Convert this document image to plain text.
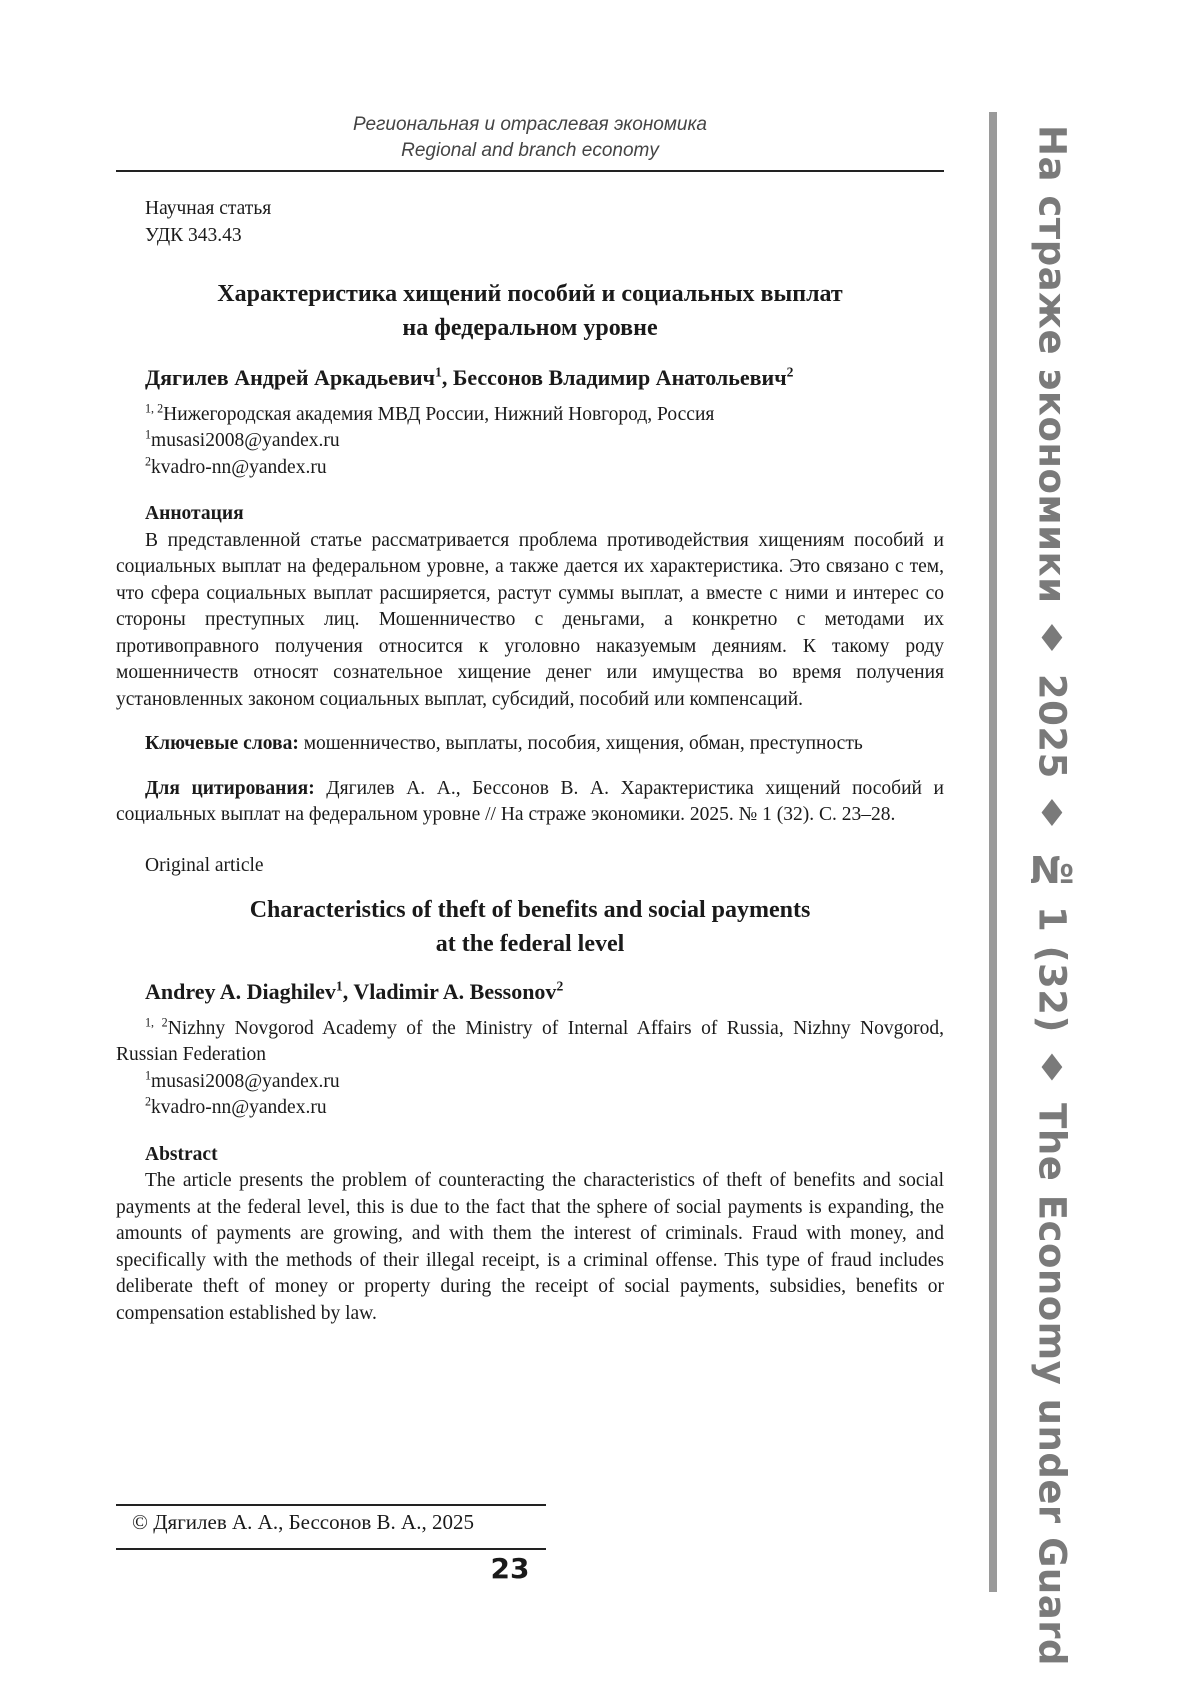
Региональная и отраслевая экономика
Regional and branch economy	На страже экономики ♦ 2025 ♦ № 1 (32) ♦ The Economy under Guard
Научная статья
УДК 343.43

Характеристика хищений пособий и социальных выплат
на федеральном уровне

Дягилев Андрей Аркадьевич$^1$, Бессонов Владимир Анатольевич$^2$

$^{1, 2}$Нижегородская академия МВД России, Нижний Новгород, Россия
$^1$musasi2008@yandex.ru
$^2$kvadro-nn@yandex.ru
Аннотация

В представленной статье рассматривается проблема противодействия хищениям пособий и социальных выплат на федеральном уровне, а также дается их характеристика. Это связано с тем, что сфера социальных выплат расширяется, растут суммы выплат, а вместе с ними и интерес со стороны преступных лиц. Мошенничество с деньгами, а конкретно с методами их противоправного получения относится к уголовно наказуемым деяниям. К такому роду мошенничеств относят сознательное хищение денег или имущества во время получения установленных законом социальных выплат, субсидий, пособий или компенсаций.

Ключевые слова: мошенничество, выплаты, пособия, хищения, обман, преступность

Для цитирования: Дягилев А. А., Бессонов В. А. Характеристика хищений пособий и социальных выплат на федеральном уровне // На страже экономики. 2025. № 1 (32). С. 23–28.

Original article

Characteristics of theft of benefits and social payments
at the federal level

Andrey A. Diaghilev$^1$, Vladimir A. Bessonov$^2$

$^{1, 2}$Nizhny Novgorod Academy of the Ministry of Internal Affairs of Russia, Nizhny Novgorod, Russian Federation
$^1$musasi2008@yandex.ru
$^2$kvadro-nn@yandex.ru
Abstract

The article presents the problem of counteracting the characteristics of theft of benefits and social payments at the federal level, this is due to the fact that the sphere of social payments is expanding, the amounts of payments are growing, and with them the interest of criminals. Fraud with money, and specifically with the methods of their illegal receipt, is a criminal offense. This type of fraud includes deliberate theft of money or property during the receipt of social payments, subsidies, benefits or compensation established by law.

© Дягилев А. А., Бессонов В. А., 2025
23
